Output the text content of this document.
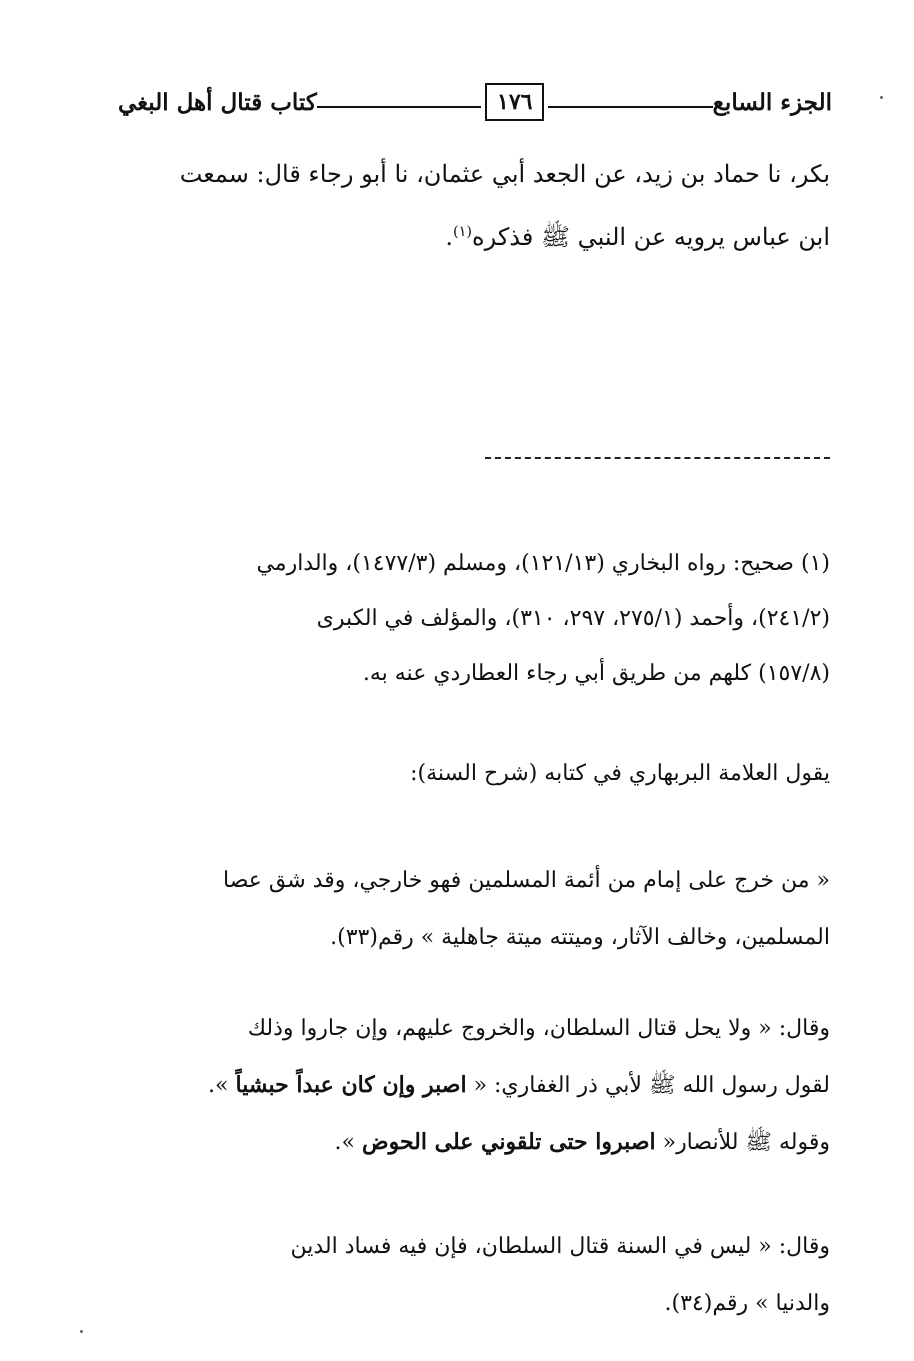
الجزء السابع
١٧٦
كتاب قتال أهل البغي
بكر، نا حماد بن زيد، عن الجعد أبي عثمان، نا أبو رجاء قال: سمعت
ابن عباس يرويه عن النبي ﷺ فذكره$^{(١)}$.
(١) صحيح: رواه البخاري (١٢١/١٣)، ومسلم (١٤٧٧/٣)، والدارمي
(٢٤١/٢)، وأحمد (٢٧٥/١، ٢٩٧، ٣١٠)، والمؤلف في الكبرى
(١٥٧/٨) كلهم من طريق أبي رجاء العطاردي عنه به.
يقول العلامة البربهاري في كتابه (شرح السنة):
« من خرج على إمام من أئمة المسلمين فهو خارجي، وقد شق عصا
المسلمين، وخالف الآثار، وميتته ميتة جاهلية » رقم(٣٣).
وقال: « ولا يحل قتال السلطان، والخروج عليهم، وإن جاروا وذلك
لقول رسول الله ﷺ لأبي ذر الغفاري: « اصبر وإن كان عبداً حبشياً ».
وقوله ﷺ للأنصار« اصبروا حتى تلقوني على الحوض ».
وقال: « ليس في السنة قتال السلطان، فإن فيه فساد الدين
والدنيا » رقم(٣٤).
